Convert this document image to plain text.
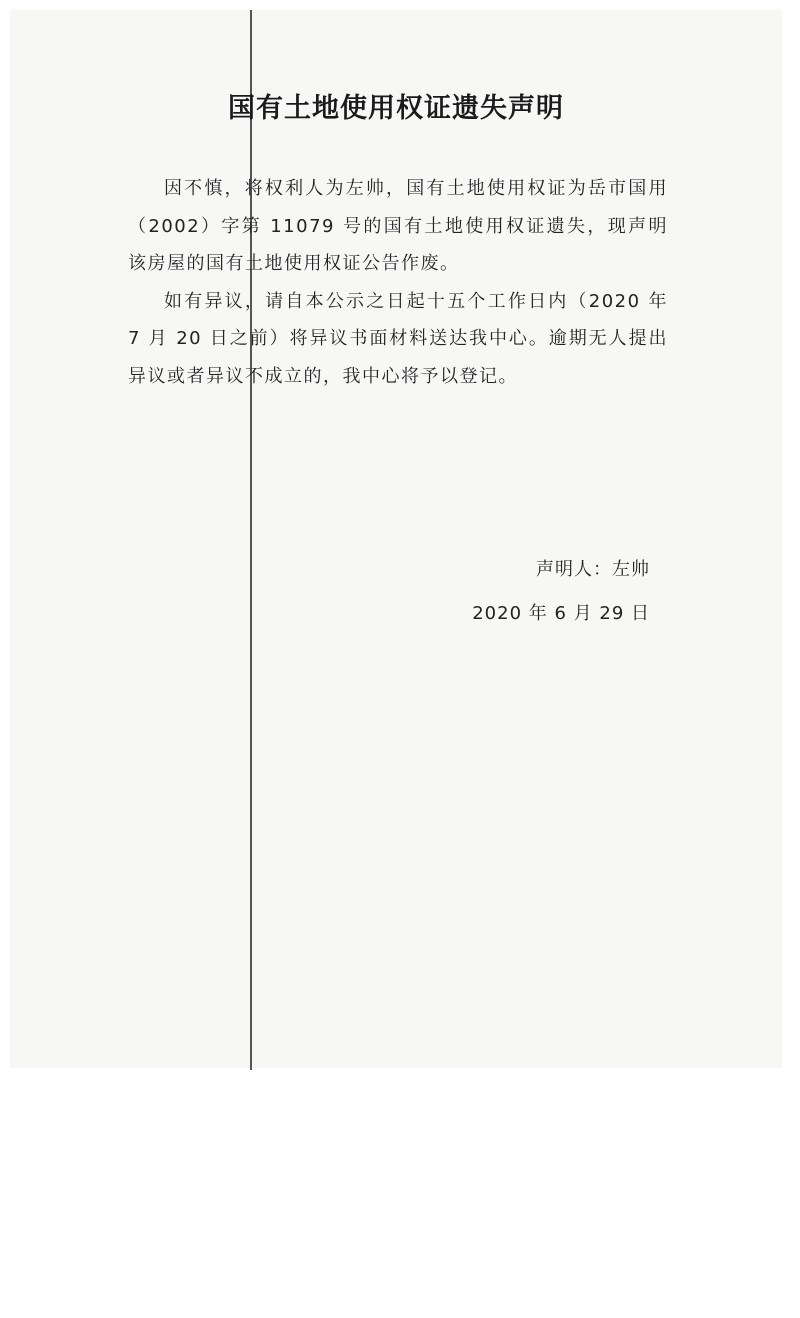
国有土地使用权证遗失声明

因不慎，将权利人为左帅，国有土地使用权证为岳市国用（2002）字第 11079 号的国有土地使用权证遗失，现声明该房屋的国有土地使用权证公告作废。

如有异议，请自本公示之日起十五个工作日内（2020 年 7 月 20 日之前）将异议书面材料送达我中心。逾期无人提出异议或者异议不成立的，我中心将予以登记。

声明人：左帅
2020 年 6 月 29 日
